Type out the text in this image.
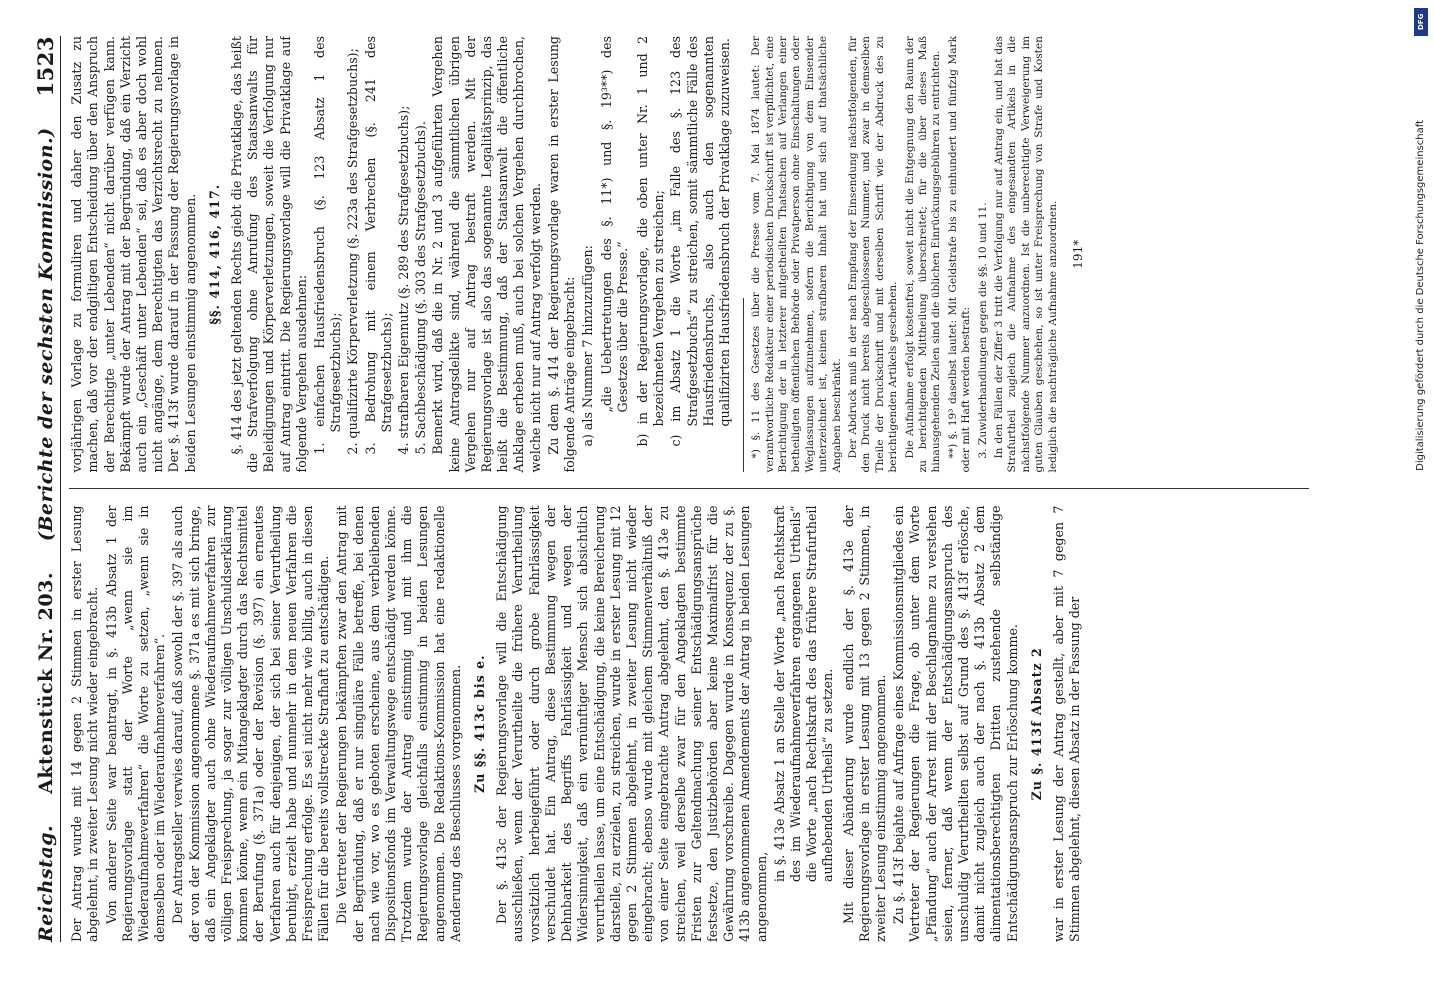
Reichstag.
Aktenstück Nr. 203.
(Berichte der sechsten Kommission.)
1523

Der Antrag wurde mit 14 gegen 2 Stimmen in erster Lesung abgelehnt, in zweiter Lesung nicht wieder eingebracht. Von anderer Seite war beantragt, in §. 413b Absatz 1 der Regierungsvorlage statt der Worte „wenn sie im Wiederaufnahmeverfahren“ die Worte zu setzen, „wenn sie in demselben oder im Wiederaufnahmeverfahren“. Der Antragsteller verwies darauf, daß sowohl der §. 397 als auch der von der Kommission angenommene §. 371a es mit sich bringe, daß ein Angeklagter auch ohne Wiederaufnahmeverfahren zur völligen Freisprechung, ja sogar zur völligen Unschuldserklärung kommen könne, wenn ein Mitangeklagter durch das Rechtsmittel der Berufung (§. 371a) oder der Revision (§. 397) ein erneutes Verfahren auch für denjenigen, der sich bei seiner Verurtheilung beruhigt, erzielt habe und nunmehr in dem neuen Verfahren die Freisprechung erfolge. Es sei nicht mehr wie billig, auch in diesen Fällen für die bereits vollstreckte Strafhaft zu entschädigen. Die Vertreter der Regierungen bekämpften zwar den Antrag mit der Begründung, daß er nur singuläre Fälle betreffe, bei denen nach wie vor, wo es geboten erscheine, aus dem verbleibenden Dispositionsfonds im Verwaltungswege entschädigt werden könne. Trotzdem wurde der Antrag einstimmig und mit ihm die Regierungsvorlage gleichfalls einstimmig in beiden Lesungen angenommen. Die Redaktions-Kommission hat eine redaktionelle Aenderung des Beschlusses vorgenommen. Zu §§. 413c bis e. Der §. 413c der Regierungsvorlage will die Entschädigung ausschließen, wenn der Verurtheilte die frühere Verurtheilung vorsätzlich herbeigeführt oder durch grobe Fahrlässigkeit verschuldet hat. Ein Antrag, diese Bestimmung wegen der Dehnbarkeit des Begriffs Fahrlässigkeit und wegen der Widersinnigkeit, daß ein vernünftiger Mensch sich absichtlich verurtheilen lasse, um eine Entschädigung, die keine Bereicherung darstelle, zu erzielen, zu streichen, wurde in erster Lesung mit 12 gegen 2 Stimmen abgelehnt, in zweiter Lesung nicht wieder eingebracht; ebenso wurde mit gleichem Stimmenverhältniß der von einer Seite eingebrachte Antrag abgelehnt, den §. 413e zu streichen, weil derselbe zwar für den Angeklagten bestimmte Fristen zur Geltendmachung seiner Entschädigungsansprüche festsetze, den Justizbehörden aber keine Maximalfrist für die Gewährung vorschreibe. Dagegen wurde in Konsequenz der zu §. 413b angenommenen Amendements der Antrag in beiden Lesungen angenommen,

in §. 413e Absatz 1 an Stelle der Worte „nach Rechtskraft des im Wiederaufnahmeverfahren ergangenen Urtheils“ die Worte „nach Rechtskraft des das frühere Strafurtheil aufhebenden Urtheils“ zu setzen. Mit dieser Abänderung wurde endlich der §. 413e der Regierungsvorlage in erster Lesung mit 13 gegen 2 Stimmen, in zweiter Lesung einstimmig angenommen. Zu §. 413f bejahte auf Anfrage eines Kommissionsmitgliedes ein Vertreter der Regierungen die Frage, ob unter dem Worte „Pfändung“ auch der Arrest mit der Beschlagnahme zu verstehen seien, ferner, daß wenn der Entschädigungsanspruch des unschuldig Verurtheilten selbst auf Grund des §. 413f erlösche, damit nicht zugleich auch der nach §. 413b Absatz 2 dem alimentationsberechtigten Dritten zustehende selbständige Entschädigungsanspruch zur Erlöschung komme. Zu §. 413f Absatz 2 war in erster Lesung der Antrag gestellt, aber mit 7 gegen 7 Stimmen abgelehnt, diesen Absatz in der Fassung der

vorjährigen Vorlage zu formuliren und daher den Zusatz zu machen, daß vor der endgiltigen Entscheidung über den Anspruch der Berechtigte „unter Lebenden“ nicht darüber verfügen kann. Bekämpft wurde der Antrag mit der Begründung, daß ein Verzicht auch ein „Geschäft unter Lebenden“ sei, daß es aber doch wohl nicht angänge, dem Berechtigten das Verzichtsrecht zu nehmen. Der §. 413f wurde darauf in der Fassung der Regierungsvorlage in beiden Lesungen einstimmig angenommen. §§. 414, 416, 417. §. 414 des jetzt geltenden Rechts giebt die Privatklage, das heißt die Strafverfolgung ohne Anrufung des Staatsanwalts für Beleidigungen und Körperverletzungen, soweit die Verfolgung nur auf Antrag eintritt. Die Regierungsvorlage will die Privatklage auf folgende Vergehen ausdehnen: 1. einfachen Hausfriedensbruch (§. 123 Absatz 1 des Strafgesetzbuchs); 2. qualifizirte Körperverletzung (§. 223a des Strafgesetzbuchs); 3. Bedrohung mit einem Verbrechen (§. 241 des Strafgesetzbuchs); 4. strafbaren Eigennutz (§. 289 des Strafgesetzbuchs); 5. Sachbeschädigung (§. 303 des Strafgesetzbuchs). Bemerkt wird, daß die in Nr. 2 und 3 aufgeführten Vergehen keine Antragsdelikte sind, während die sämmtlichen übrigen Vergehen nur auf Antrag bestraft werden. Mit der Regierungsvorlage ist also das sogenannte Legalitätsprinzip, das heißt die Bestimmung, daß der Staatsanwalt die öffentliche Anklage erheben muß, auch bei solchen Vergehen durchbrochen, welche nicht nur auf Antrag verfolgt werden. Zu dem §. 414 der Regierungsvorlage waren in erster Lesung folgende Anträge eingebracht: a) als Nummer 7 hinzuzufügen: „die Uebertretungen des §. 11*) und §. 19³**) des Gesetzes über die Presse.“ b) in der Regierungsvorlage, die oben unter Nr. 1 und 2 bezeichneten Vergehen zu streichen; c) im Absatz 1 die Worte „im Falle des §. 123 des Strafgesetzbuchs“ zu streichen, somit sämmtliche Fälle des Hausfriedensbruchs, also auch den sogenannten qualifizirten Hausfriedensbruch der Privatklage zuzuweisen. *) §. 11 des Gesetzes über die Presse vom 7. Mai 1874 lautet: Der verantwortliche Redakteur einer periodischen Druckschrift ist verpflichtet, eine Berichtigung der in letzterer mitgetheilten Thatsachen auf Verlangen einer betheiligten öffentlichen Behörde oder Privatperson ohne Einschaltungen oder Weglassungen aufzunehmen, sofern die Berichtigung von dem Einsender unterzeichnet ist, keinen strafbaren Inhalt hat und sich auf thatsächliche Angaben beschränkt. Der Abdruck muß in der nach Empfang der Einsendung nächstfolgenden, für den Druck nicht bereits abgeschlossenen Nummer, und zwar in demselben Theile der Druckschrift und mit derselben Schrift wie der Abdruck des zu berichtigenden Artikels geschehen. Die Aufnahme erfolgt kostenfrei, soweit nicht die Entgegnung den Raum der zu berichtigenden Mittheilung überschreitet; für die über dieses Maß hinausgehenden Zeilen sind die üblichen Einrückungsgebühren zu entrichten. **) §. 19³ daselbst lautet: Mit Geldstrafe bis zu einhundert und fünfzig Mark oder mit Haft werden bestraft: 3. Zuwiderhandlungen gegen die §§. 10 und 11. In den Fällen der Ziffer 3 tritt die Verfolgung nur auf Antrag ein, und hat das Strafurtheil zugleich die Aufnahme des eingesandten Artikels in die nächstfolgende Nummer anzuordnen. Ist die unberechtigte Verweigerung im guten Glauben geschehen, so ist unter Freisprechung von Strafe und Kosten lediglich die nachträgliche Aufnahme anzuordnen. 191*

DFG
Digitalisierung gefördert durch die Deutsche Forschungsgemeinschaft
